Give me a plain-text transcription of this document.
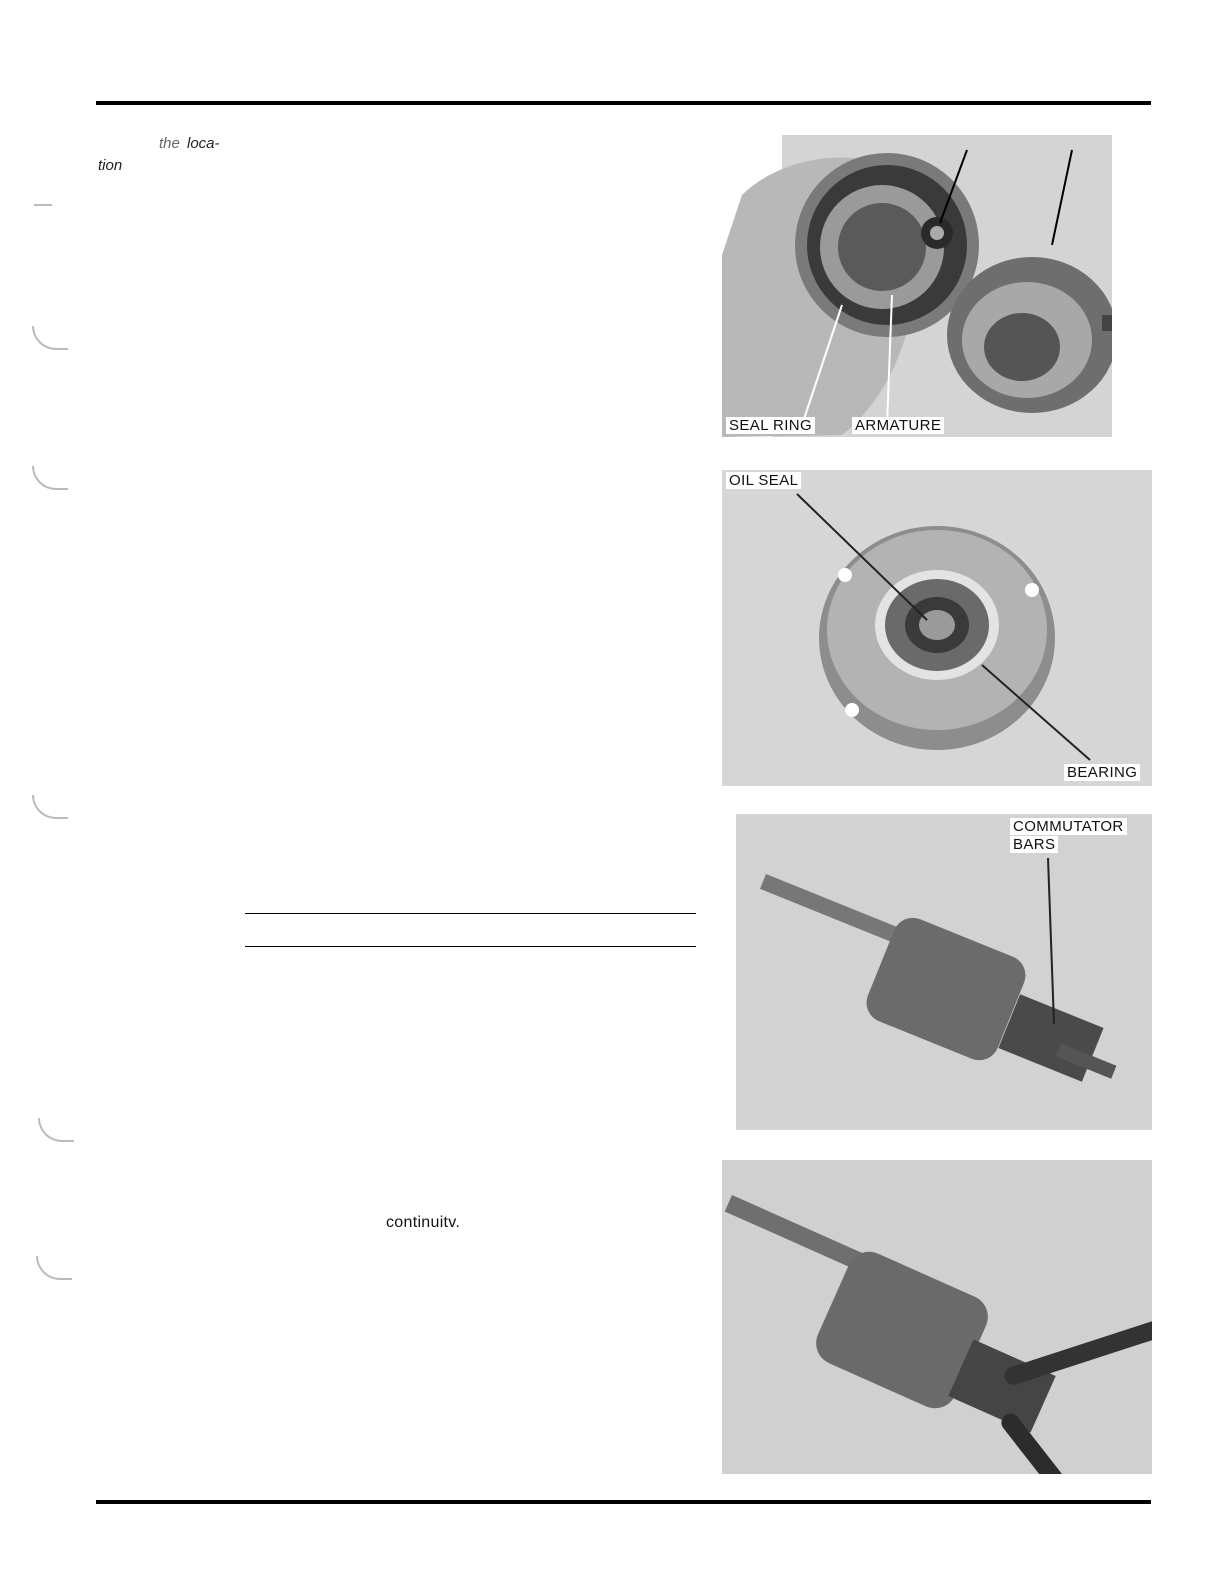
the loca-
tion
continuitv.
SEAL RING	ARMATURE
OIL SEAL
BEARING
COMMUTATOR
BARS
